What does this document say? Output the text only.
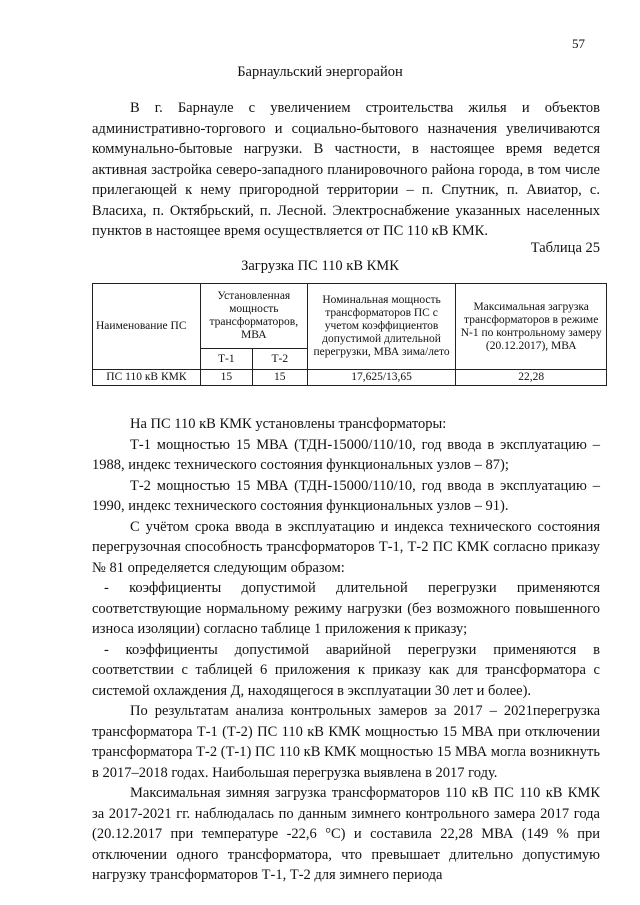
57
Барнаульский энергорайон

В г. Барнауле с увеличением строительства жилья и объектов административно-торгового и социально-бытового назначения увеличиваются коммунально-бытовые нагрузки. В частности, в настоящее время ведется активная застройка северо-западного планировочного района города, в том числе прилегающей к нему пригородной территории – п. Спутник, п. Авиатор, с. Власиха, п. Октябрьский, п. Лесной. Электроснабжение указанных населенных пунктов в настоящее время осуществляется от ПС 110 кВ КМК.

Таблица 25
Загрузка ПС 110 кВ КМК
Наименование ПС	Установленная мощность трансформаторов, МВА		Номинальная мощность трансформаторов ПС с учетом коэффициентов допустимой длительной перегрузки, МВА зима/лето	Максимальная загрузка трансформаторов в режиме N-1 по контрольному замеру (20.12.2017), МВА
	Т-1	Т-2		
ПС 110 кВ КМК	15	15	17,625/13,65	22,28

На ПС 110 кВ КМК установлены трансформаторы:

Т-1 мощностью 15 МВА (ТДН-15000/110/10, год ввода в эксплуатацию – 1988, индекс технического состояния функциональных узлов – 87);

Т-2 мощностью 15 МВА (ТДН-15000/110/10, год ввода в эксплуатацию – 1990, индекс технического состояния функциональных узлов – 91).

С учётом срока ввода в эксплуатацию и индекса технического состояния перегрузочная способность трансформаторов Т-1, Т-2 ПС КМК согласно приказу № 81 определяется следующим образом:

- коэффициенты допустимой длительной перегрузки применяются соответствующие нормальному режиму нагрузки (без возможного повышенного износа изоляции) согласно таблице 1 приложения к приказу;

- коэффициенты допустимой аварийной перегрузки применяются в соответствии с таблицей 6 приложения к приказу как для трансформатора с системой охлаждения Д, находящегося в эксплуатации 30 лет и более).

По результатам анализа контрольных замеров за 2017 – 2021перегрузка трансформатора Т-1 (Т-2) ПС 110 кВ КМК мощностью 15 МВА при отключении трансформатора Т-2 (Т-1) ПС 110 кВ КМК мощностью 15 МВА могла возникнуть в 2017–2018 годах. Наибольшая перегрузка выявлена в 2017 году.

Максимальная зимняя загрузка трансформаторов 110 кВ ПС 110 кВ КМК за 2017-2021 гг. наблюдалась по данным зимнего контрольного замера 2017 года (20.12.2017 при температуре -22,6 °С) и составила 22,28 МВА (149 % при отключении одного трансформатора, что превышает длительно допустимую нагрузку трансформаторов Т-1, Т-2 для зимнего периода
